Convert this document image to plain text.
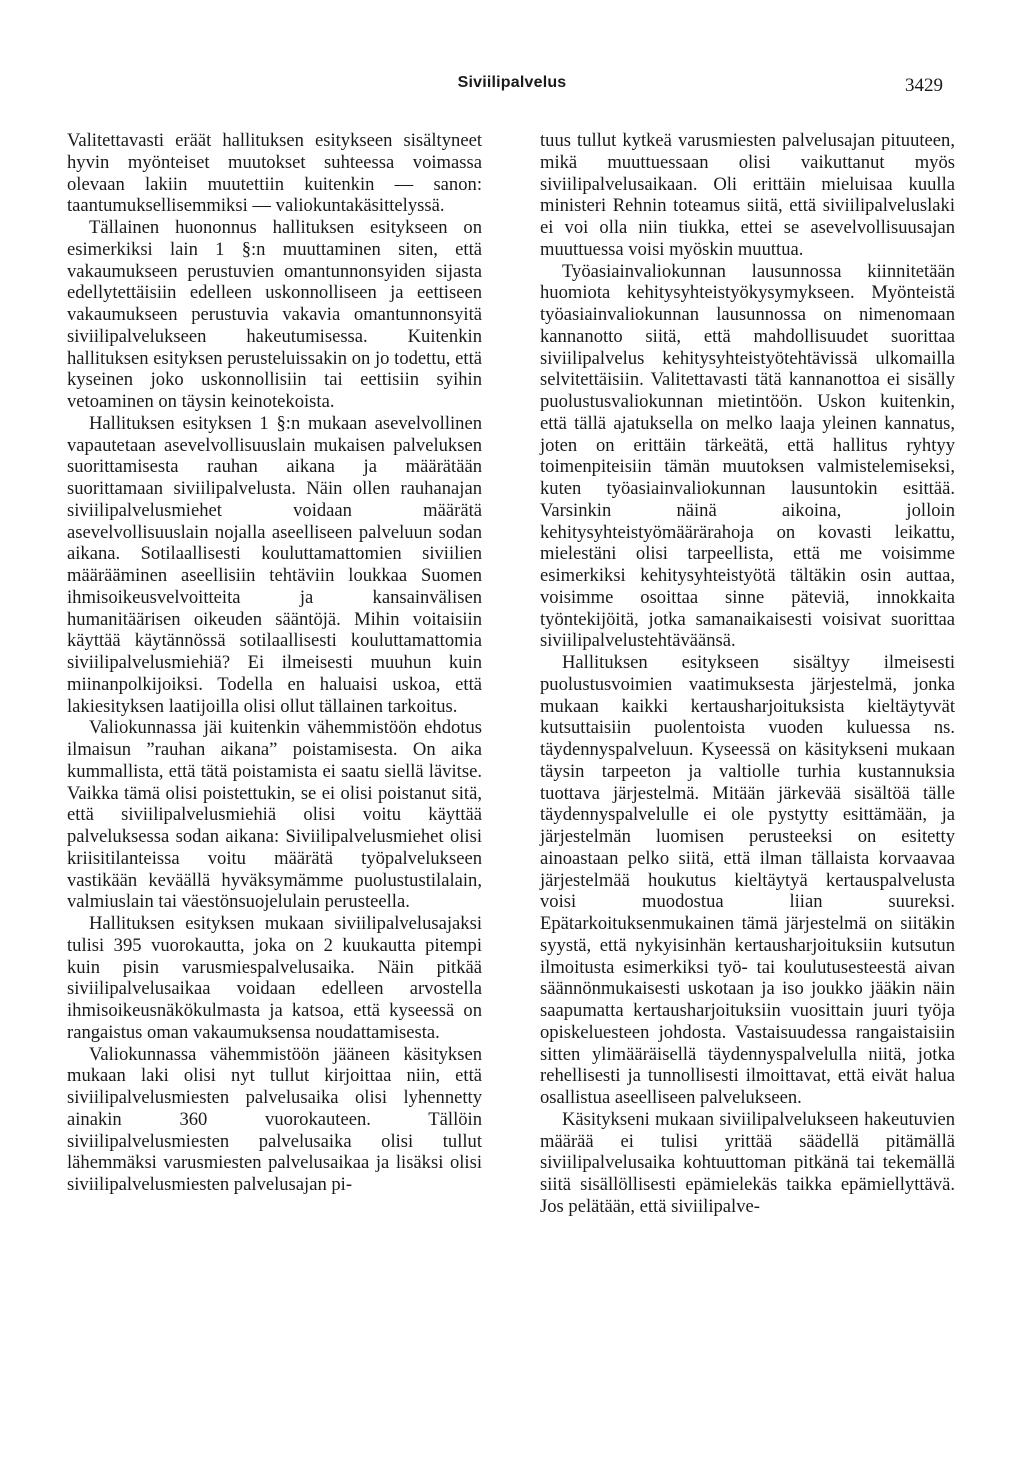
Siviilipalvelus	3429

Valitettavasti eräät hallituksen esitykseen sisältyneet hyvin myönteiset muutokset suhteessa voimassa olevaan lakiin muutettiin kuitenkin — sanon: taantumuksellisemmiksi — valiokuntakäsittelyssä.

Tällainen huononnus hallituksen esitykseen on esimerkiksi lain 1 §:n muuttaminen siten, että vakaumukseen perustuvien omantunnonsyiden sijasta edellytettäisiin edelleen uskonnolliseen ja eettiseen vakaumukseen perustuvia vakavia omantunnonsyitä siviilipalvelukseen hakeutumisessa. Kuitenkin hallituksen esityksen perusteluissakin on jo todettu, että kyseinen joko uskonnollisiin tai eettisiin syihin vetoaminen on täysin keinotekoista.

Hallituksen esityksen 1 §:n mukaan asevelvollinen vapautetaan asevelvollisuuslain mukaisen palveluksen suorittamisesta rauhan aikana ja määrätään suorittamaan siviilipalvelusta. Näin ollen rauhanajan siviilipalvelusmiehet voidaan määrätä asevelvollisuuslain nojalla aseelliseen palveluun sodan aikana. Sotilaallisesti kouluttamattomien siviilien määrääminen aseellisiin tehtäviin loukkaa Suomen ihmisoikeusvelvoitteita ja kansainvälisen humanitäärisen oikeuden sääntöjä. Mihin voitaisiin käyttää käytännössä sotilaallisesti kouluttamattomia siviilipalvelusmiehiä? Ei ilmeisesti muuhun kuin miinanpolkijoiksi. Todella en haluaisi uskoa, että lakiesityksen laatijoilla olisi ollut tällainen tarkoitus.

Valiokunnassa jäi kuitenkin vähemmistöön ehdotus ilmaisun ”rauhan aikana” poistamisesta. On aika kummallista, että tätä poistamista ei saatu siellä lävitse. Vaikka tämä olisi poistettukin, se ei olisi poistanut sitä, että siviilipalvelusmiehiä olisi voitu käyttää palveluksessa sodan aikana: Siviilipalvelusmiehet olisi kriisitilanteissa voitu määrätä työpalvelukseen vastikään keväällä hyväksymämme puolustustilalain, valmiuslain tai väestönsuojelulain perusteella.

Hallituksen esityksen mukaan siviilipalvelusajaksi tulisi 395 vuorokautta, joka on 2 kuukautta pitempi kuin pisin varusmiespalvelusaika. Näin pitkää siviilipalvelusaikaa voidaan edelleen arvostella ihmisoikeusnäkökulmasta ja katsoa, että kyseessä on rangaistus oman vakaumuksensa noudattamisesta.

Valiokunnassa vähemmistöön jääneen käsityksen mukaan laki olisi nyt tullut kirjoittaa niin, että siviilipalvelusmiesten palvelusaika olisi lyhennetty ainakin 360 vuorokauteen. Tällöin siviilipalvelusmiesten palvelusaika olisi tullut lähemmäksi varusmiesten palvelusaikaa ja lisäksi olisi siviilipalvelusmiesten palvelusajan pi-

tuus tullut kytkeä varusmiesten palvelusajan pituuteen, mikä muuttuessaan olisi vaikuttanut myös siviilipalvelusaikaan. Oli erittäin mieluisaa kuulla ministeri Rehnin toteamus siitä, että siviilipalveluslaki ei voi olla niin tiukka, ettei se asevelvollisuusajan muuttuessa voisi myöskin muuttua.

Työasiainvaliokunnan lausunnossa kiinnitetään huomiota kehitysyhteistyökysymykseen. Myönteistä työasiainvaliokunnan lausunnossa on nimenomaan kannanotto siitä, että mahdollisuudet suorittaa siviilipalvelus kehitysyhteistyötehtävissä ulkomailla selvitettäisiin. Valitettavasti tätä kannanottoa ei sisälly puolustusvaliokunnan mietintöön. Uskon kuitenkin, että tällä ajatuksella on melko laaja yleinen kannatus, joten on erittäin tärkeätä, että hallitus ryhtyy toimenpiteisiin tämän muutoksen valmistelemiseksi, kuten työasiainvaliokunnan lausuntokin esittää. Varsinkin näinä aikoina, jolloin kehitysyhteistyömäärärahoja on kovasti leikattu, mielestäni olisi tarpeellista, että me voisimme esimerkiksi kehitysyhteistyötä tältäkin osin auttaa, voisimme osoittaa sinne päteviä, innokkaita työntekijöitä, jotka samanaikaisesti voisivat suorittaa siviilipalvelustehtäväänsä.

Hallituksen esitykseen sisältyy ilmeisesti puolustusvoimien vaatimuksesta järjestelmä, jonka mukaan kaikki kertausharjoituksista kieltäytyvät kutsuttaisiin puolentoista vuoden kuluessa ns. täydennyspalveluun. Kyseessä on käsitykseni mukaan täysin tarpeeton ja valtiolle turhia kustannuksia tuottava järjestelmä. Mitään järkevää sisältöä tälle täydennyspalvelulle ei ole pystytty esittämään, ja järjestelmän luomisen perusteeksi on esitetty ainoastaan pelko siitä, että ilman tällaista korvaavaa järjestelmää houkutus kieltäytyä kertauspalvelusta voisi muodostua liian suureksi. Epätarkoituksenmukainen tämä järjestelmä on siitäkin syystä, että nykyisinhän kertausharjoituksiin kutsutun ilmoitusta esimerkiksi työ- tai koulutusesteestä aivan säännönmukaisesti uskotaan ja iso joukko jääkin näin saapumatta kertausharjoituksiin vuosittain juuri työja opiskeluesteen johdosta. Vastaisuudessa rangaistaisiin sitten ylimääräisellä täydennyspalvelulla niitä, jotka rehellisesti ja tunnollisesti ilmoittavat, että eivät halua osallistua aseelliseen palvelukseen.

Käsitykseni mukaan siviilipalvelukseen hakeutuvien määrää ei tulisi yrittää säädellä pitämällä siviilipalvelusaika kohtuuttoman pitkänä tai tekemällä siitä sisällöllisesti epämielekäs taikka epämiellyttävä. Jos pelätään, että siviilipalve-
